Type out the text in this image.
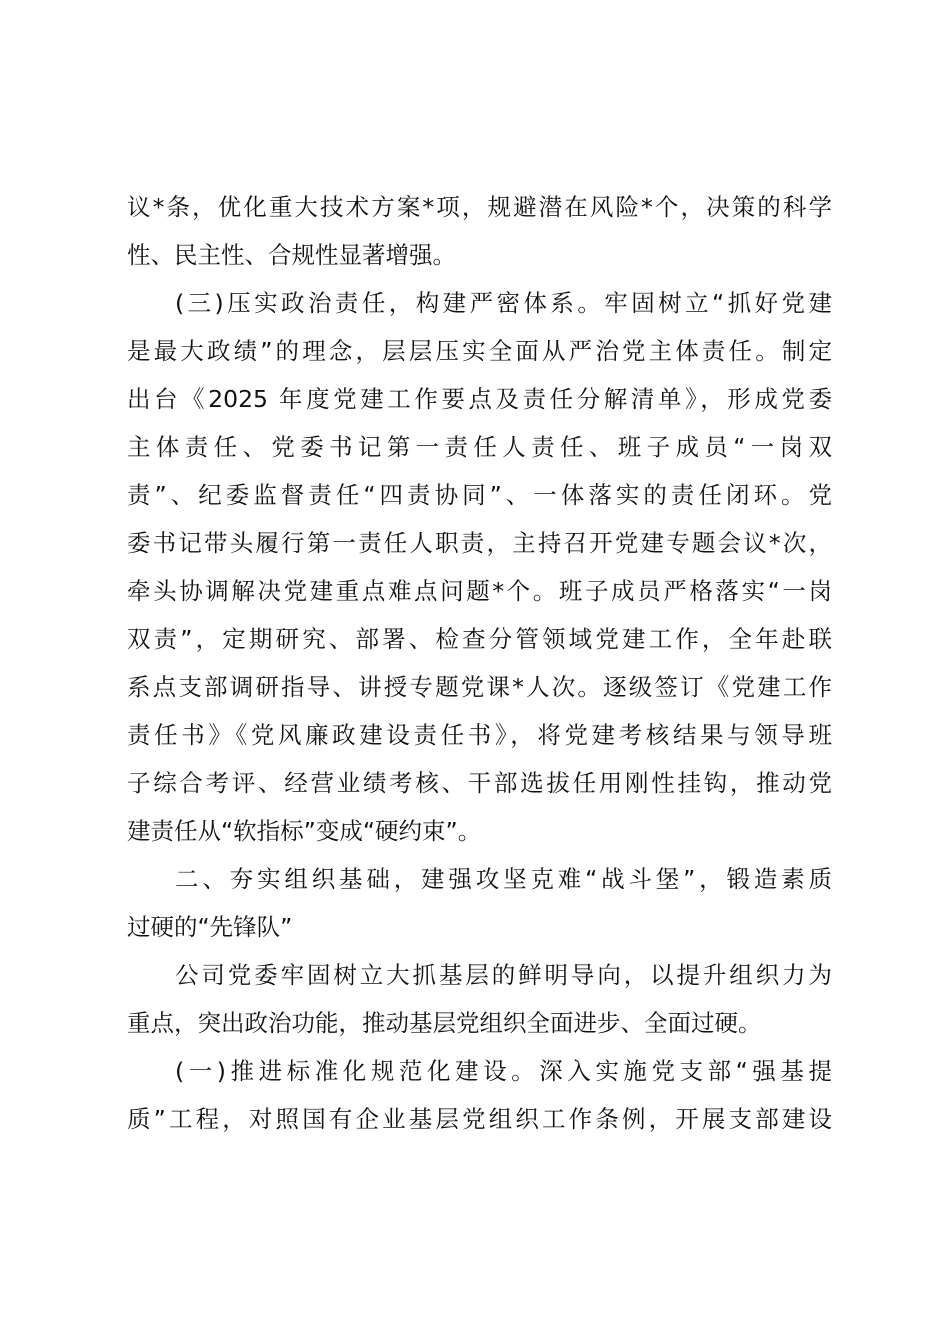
议*条，优化重大技术方案*项，规避潜在风险*个，决策的科学
性、民主性、合规性显著增强。
(三)压实政治责任，构建严密体系。牢固树立“抓好党建
是最大政绩”的理念，层层压实全面从严治党主体责任。制定
出台《2025 年度党建工作要点及责任分解清单》，形成党委
主体责任、党委书记第一责任人责任、班子成员“一岗双
责”、纪委监督责任“四责协同”、一体落实的责任闭环。党
委书记带头履行第一责任人职责，主持召开党建专题会议*次，
牵头协调解决党建重点难点问题*个。班子成员严格落实“一岗
双责”，定期研究、部署、检查分管领域党建工作，全年赴联
系点支部调研指导、讲授专题党课*人次。逐级签订《党建工作
责任书》《党风廉政建设责任书》，将党建考核结果与领导班
子综合考评、经营业绩考核、干部选拔任用刚性挂钩，推动党
建责任从“软指标”变成“硬约束”。
二、夯实组织基础，建强攻坚克难“战斗堡”，锻造素质
过硬的“先锋队”
公司党委牢固树立大抓基层的鲜明导向，以提升组织力为
重点，突出政治功能，推动基层党组织全面进步、全面过硬。
(一)推进标准化规范化建设。深入实施党支部“强基提
质”工程，对照国有企业基层党组织工作条例，开展支部建设
